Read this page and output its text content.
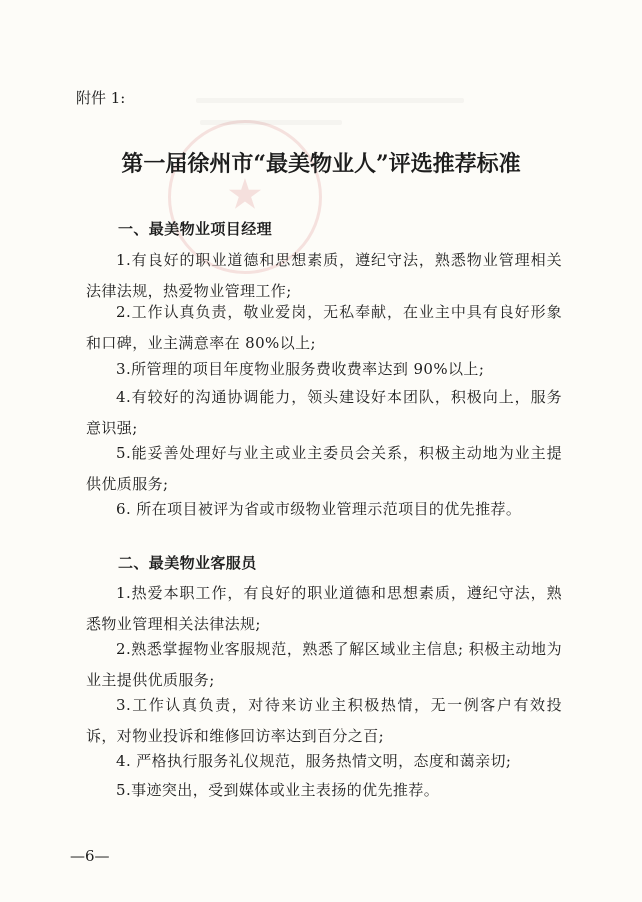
★
附件 1:
第一届徐州市“最美物业人”评选推荐标准
一、最美物业项目经理
1.有良好的职业道德和思想素质，遵纪守法，熟悉物业管理相关法律法规，热爱物业管理工作;
2.工作认真负责，敬业爱岗，无私奉献，在业主中具有良好形象和口碑，业主满意率在 80%以上;
3.所管理的项目年度物业服务费收费率达到 90%以上;
4.有较好的沟通协调能力，领头建设好本团队，积极向上，服务意识强;
5.能妥善处理好与业主或业主委员会关系，积极主动地为业主提供优质服务;
6. 所在项目被评为省或市级物业管理示范项目的优先推荐。
二、最美物业客服员
1.热爱本职工作，有良好的职业道德和思想素质，遵纪守法，熟悉物业管理相关法律法规;
2.熟悉掌握物业客服规范，熟悉了解区域业主信息; 积极主动地为业主提供优质服务;
3.工作认真负责，对待来访业主积极热情，无一例客户有效投诉，对物业投诉和维修回访率达到百分之百;
4. 严格执行服务礼仪规范，服务热情文明，态度和蔼亲切;
5.事迹突出，受到媒体或业主表扬的优先推荐。
—6—
